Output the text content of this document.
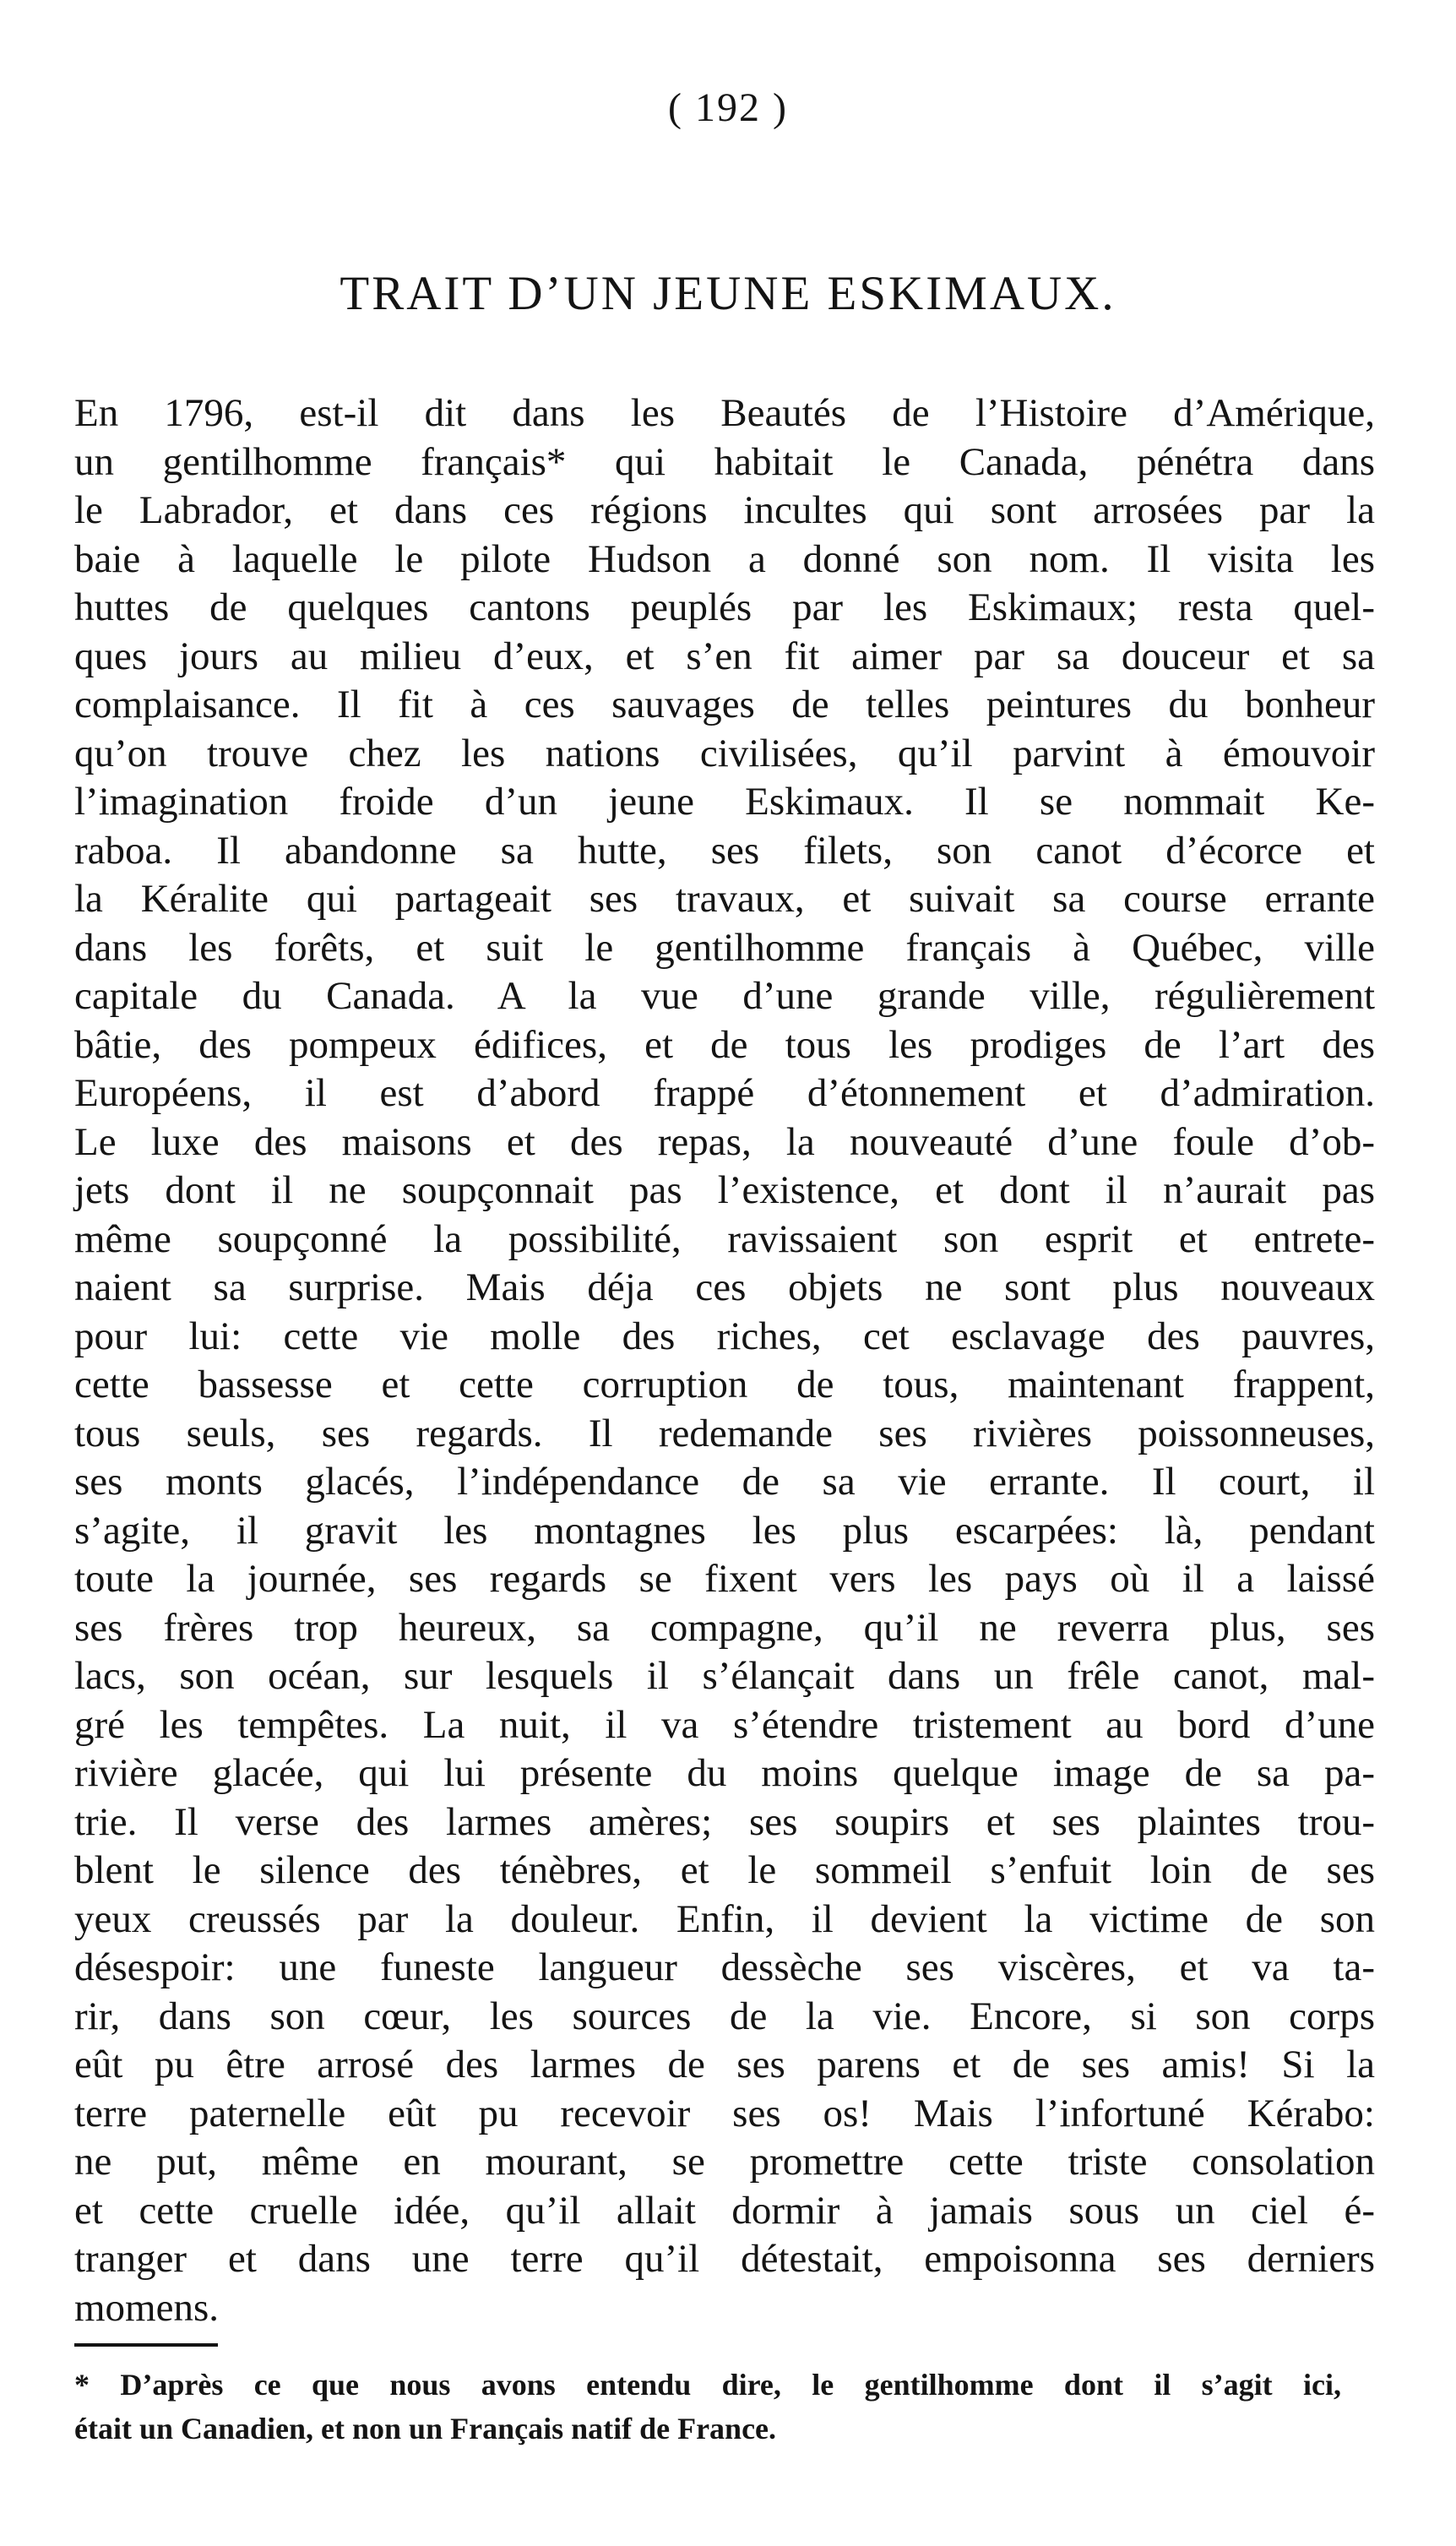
( 192 )
TRAIT D’UN JEUNE ESKIMAUX.
En 1796, est-il dit dans les Beautés de l’Histoire d’Amérique,
un gentilhomme français* qui habitait le Canada, pénétra dans
le Labrador, et dans ces régions incultes qui sont arrosées par la
baie à laquelle le pilote Hudson a donné son nom. Il visita les
huttes de quelques cantons peuplés par les Eskimaux; resta quel-
ques jours au milieu d’eux, et s’en fit aimer par sa douceur et sa
complaisance. Il fit à ces sauvages de telles peintures du bonheur
qu’on trouve chez les nations civilisées, qu’il parvint à émouvoir
l’imagination froide d’un jeune Eskimaux. Il se nommait Ke-
raboa. Il abandonne sa hutte, ses filets, son canot d’écorce et
la Kéralite qui partageait ses travaux, et suivait sa course errante
dans les forêts, et suit le gentilhomme français à Québec, ville
capitale du Canada. A la vue d’une grande ville, régulièrement
bâtie, des pompeux édifices, et de tous les prodiges de l’art des
Européens, il est d’abord frappé d’étonnement et d’admiration.
Le luxe des maisons et des repas, la nouveauté d’une foule d’ob-
jets dont il ne soupçonnait pas l’existence, et dont il n’aurait pas
même soupçonné la possibilité, ravissaient son esprit et entrete-
naient sa surprise. Mais déja ces objets ne sont plus nouveaux
pour lui: cette vie molle des riches, cet esclavage des pauvres,
cette bassesse et cette corruption de tous, maintenant frappent,
tous seuls, ses regards. Il redemande ses rivières poissonneuses,
ses monts glacés, l’indépendance de sa vie errante. Il court, il
s’agite, il gravit les montagnes les plus escarpées: là, pendant
toute la journée, ses regards se fixent vers les pays où il a laissé
ses frères trop heureux, sa compagne, qu’il ne reverra plus, ses
lacs, son océan, sur lesquels il s’élançait dans un frêle canot, mal-
gré les tempêtes. La nuit, il va s’étendre tristement au bord d’une
rivière glacée, qui lui présente du moins quelque image de sa pa-
trie. Il verse des larmes amères; ses soupirs et ses plaintes trou-
blent le silence des ténèbres, et le sommeil s’enfuit loin de ses
yeux creussés par la douleur. Enfin, il devient la victime de son
désespoir: une funeste langueur dessèche ses viscères, et va ta-
rir, dans son cœur, les sources de la vie. Encore, si son corps
eût pu être arrosé des larmes de ses parens et de ses amis! Si la
terre paternelle eût pu recevoir ses os! Mais l’infortuné Kérabo:
ne put, même en mourant, se promettre cette triste consolation
et cette cruelle idée, qu’il allait dormir à jamais sous un ciel é-
tranger et dans une terre qu’il détestait, empoisonna ses derniers
momens.
* D’après ce que nous avons entendu dire, le gentilhomme dont il s’agit ici,
était un Canadien, et non un Français natif de France.
